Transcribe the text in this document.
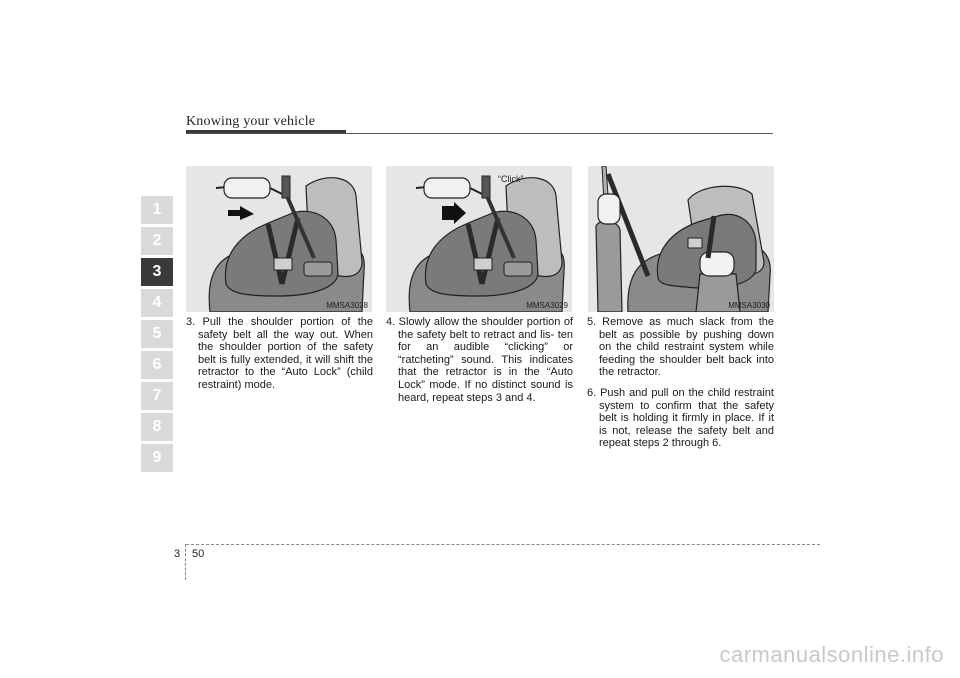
Knowing your vehicle
1
2
3
4
5
6
7
8
9
MMSA3028
“Click”
MMSA3029	MMSA3030

3. Pull the shoulder portion of the safety belt all the way out. When the shoulder portion of the safety belt is fully extended, it will shift the retractor to the “Auto Lock” (child restraint) mode.

4. Slowly allow the shoulder portion of the safety belt to retract and lis- ten for an audible “clicking” or “ratcheting” sound. This indicates that the retractor is in the “Auto Lock” mode. If no distinct sound is heard, repeat steps 3 and 4.

5. Remove as much slack from the belt as possible by pushing down on the child restraint system while feeding the shoulder belt back into the retractor.

6. Push and pull on the child restraint system to confirm that the safety belt is holding it firmly in place. If it is not, release the safety belt and repeat steps 2 through 6.

3 50
carmanualsonline.info
